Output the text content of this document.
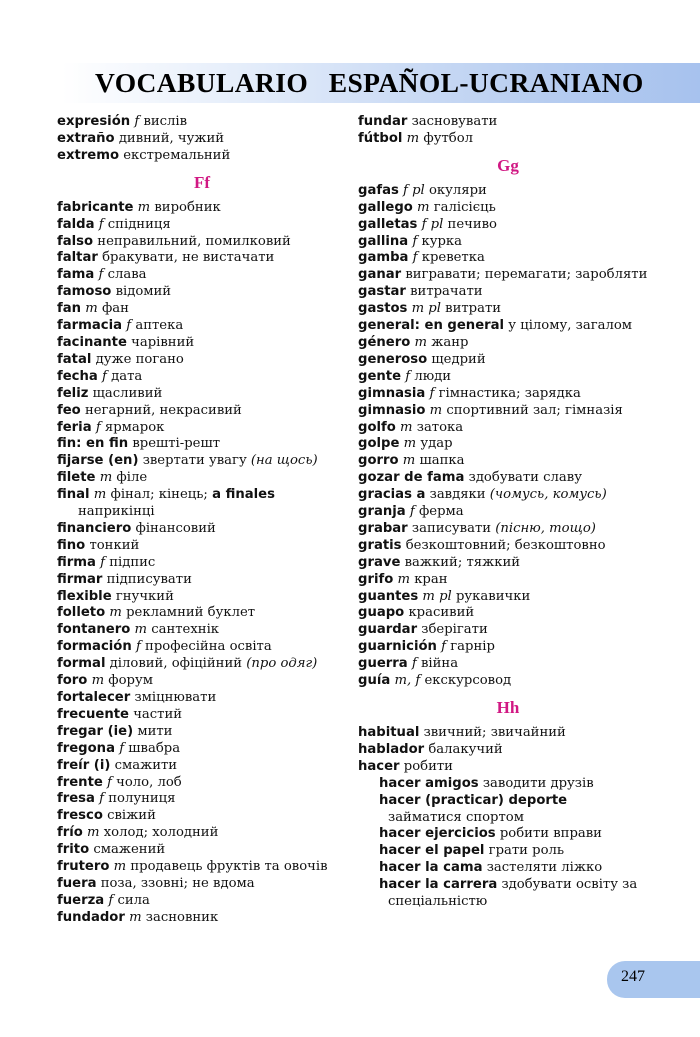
VOCABULARIO  ESPAÑOL-UCRANIANO
expresión f вислів
extraño дивний, чужий
extremo екстремальний
Ff
fabricante m виробник
falda f спідниця
falso неправильний, помилковий
faltar бракувати, не вистачати
fama f слава
famoso відомий
fan m фан
farmacia f аптека
facinante чарівний
fatal дуже погано
fecha f дата
feliz щасливий
feo негарний, некрасивий
feria f ярмарок
fin: en fin врешті-решт
fijarse (en) звертати увагу (на щось)
filete m філе
final m фінал; кінець; a finales
наприкінці
financiero фінансовий
fino тонкий
firma f підпис
firmar підписувати
flexible гнучкий
folleto m рекламний буклет
fontanero m сантехнік
formación f професійна освіта
formal діловий, офіційний (про одяг)
foro m форум
fortalecer зміцнювати
frecuente частий
fregar (ie) мити
fregona f швабра
freír (i) смажити
frente f чоло, лоб
fresa f полуниця
fresco свіжий
frío m холод; холодний
frito смажений
frutero m продавець фруктів та овочів
fuera поза, ззовні; не вдома
fuerza f сила
fundador m засновник
fundar засновувати
fútbol m футбол
Gg
gafas f pl окуляри
gallego m галісієць
galletas f pl печиво
gallina f курка
gamba f креветка
ganar вигравати; перемагати; заробляти
gastar витрачати
gastos m pl витрати
general: en general у цілому, загалом
género m жанр
generoso щедрий
gente f люди
gimnasia f гімнастика; зарядка
gimnasio m спортивний зал; гімназія
golfo m затока
golpe m удар
gorro m шапка
gozar de fama здобувати славу
gracias a завдяки (чомусь, комусь)
granja f ферма
grabar записувати (пісню, тощо)
gratis безкоштовний; безкоштовно
grave важкий; тяжкий
grifo m кран
guantes m pl рукавички
guapo красивий
guardar зберігати
guarnición f гарнір
guerra f війна
guía m, f екскурсовод
Hh
habitual звичний; звичайний
hablador балакучий
hacer робити
hacer amigos заводити друзів
hacer (practicar) deporte
займатися спортом
hacer ejercicios робити вправи
hacer el papel грати роль
hacer la cama застеляти ліжко
hacer la carrera здобувати освіту за
спеціальністю
247
